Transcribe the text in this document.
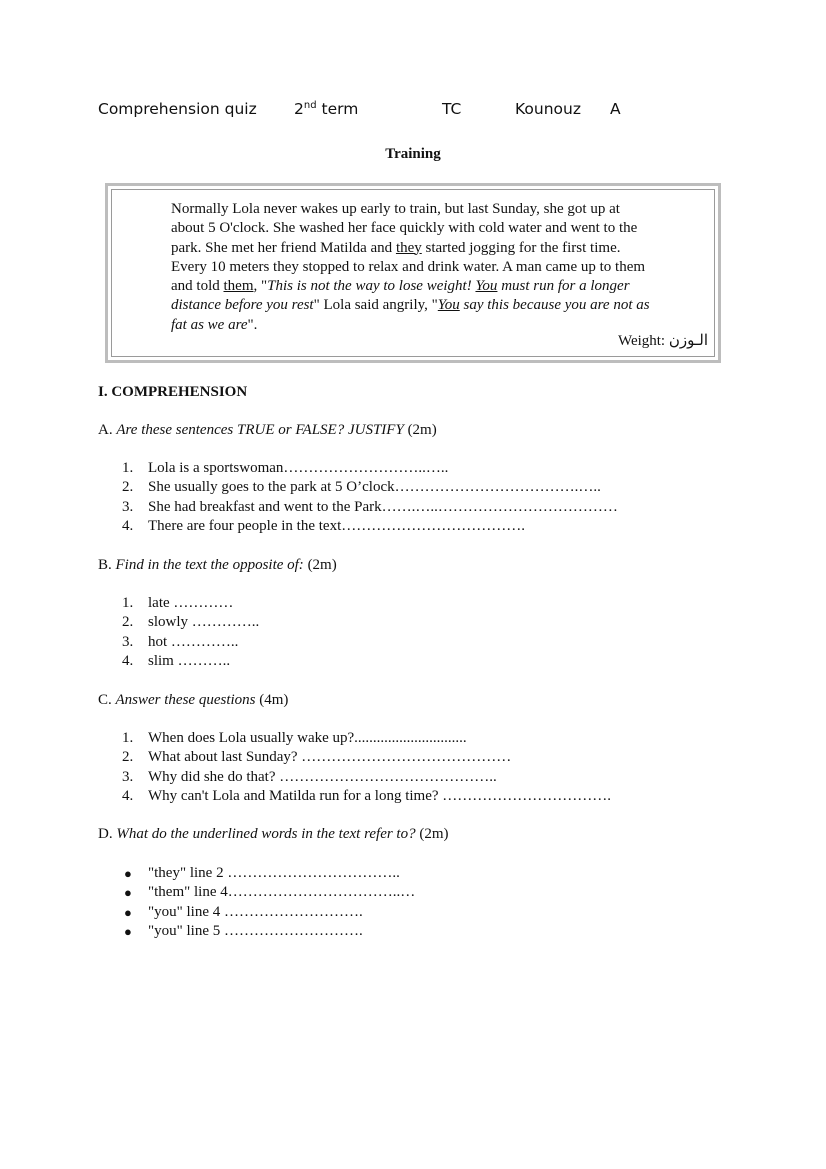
Comprehension quiz 2nd term	TC	Kounouz A
Training
Normally Lola never wakes up early to train, but last Sunday, she got up at
about 5 O'clock. She washed her face quickly with cold water and went to the
park. She met her friend Matilda and they started jogging for the first time.
Every 10 meters they stopped to relax and drink water. A man came up to them
and told them, "This is not the way to lose weight! You must run for a longer
distance before you rest" Lola said angrily, "You say this because you are not as
fat as we are".
Weight: الـوزن
I. COMPREHENSION
A. Are these sentences TRUE or FALSE? JUSTIFY (2m)
1. Lola is a sportswoman………………………..…..
2. She usually goes to the park at 5 O’clock……………………………….…..
3. She had breakfast and went to the Park…….…..………………………………
4. There are four people in the text……………………………….
B. Find in the text the opposite of: (2m)
1. late …………
2. slowly …………..
3. hot …………..
4. slim ………..
C. Answer these questions (4m)
1. When does Lola usually wake up?..............................
2. What about last Sunday? ……………………………………
3. Why did she do that? ……………………………………..
4. Why can't Lola and Matilda run for a long time? …………………………….
D. What do the underlined words in the text refer to? (2m)
● "they" line 2 ……………………………..
● "them" line 4……………………………..…
● "you" line 4 ……………………….
● "you" line 5 ……………………….
